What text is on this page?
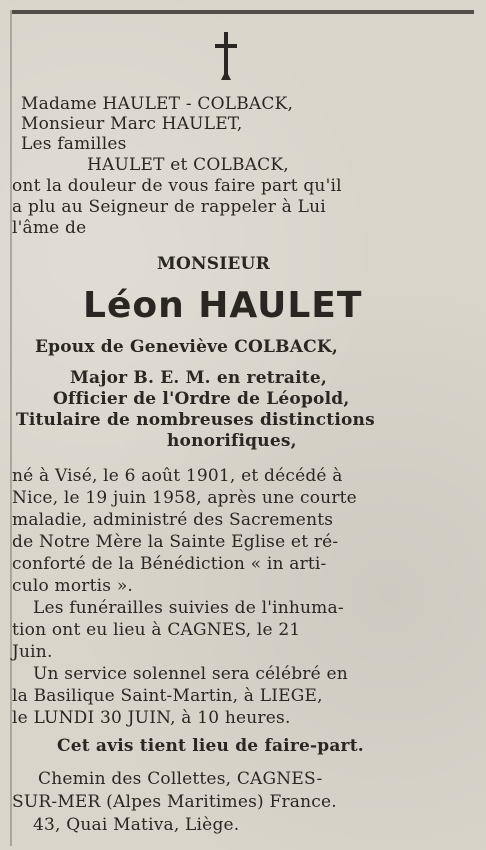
Madame HAULET - COLBACK,
Monsieur Marc HAULET,
Les familles
HAULET et COLBACK,
ont la douleur de vous faire part qu'il
a plu au Seigneur de rappeler à Lui
l'âme de
MONSIEUR
Léon HAULET
Epoux de Geneviève COLBACK,
Major B. E. M. en retraite,
Officier de l'Ordre de Léopold,
Titulaire de nombreuses distinctions
honorifiques,
né à Visé, le 6 août 1901, et décédé à
Nice, le 19 juin 1958, après une courte
maladie, administré des Sacrements
de Notre Mère la Sainte Eglise et ré-
conforté de la Bénédiction « in arti-
culo mortis ».
Les funérailles suivies de l'inhuma-
tion ont eu lieu à CAGNES, le 21
Juin.
Un service solennel sera célébré en
la Basilique Saint-Martin, à LIEGE,
le LUNDI 30 JUIN, à 10 heures.
Cet avis tient lieu de faire-part.
Chemin des Collettes, CAGNES-
SUR-MER (Alpes Maritimes) France.
43, Quai Mativa, Liège.
